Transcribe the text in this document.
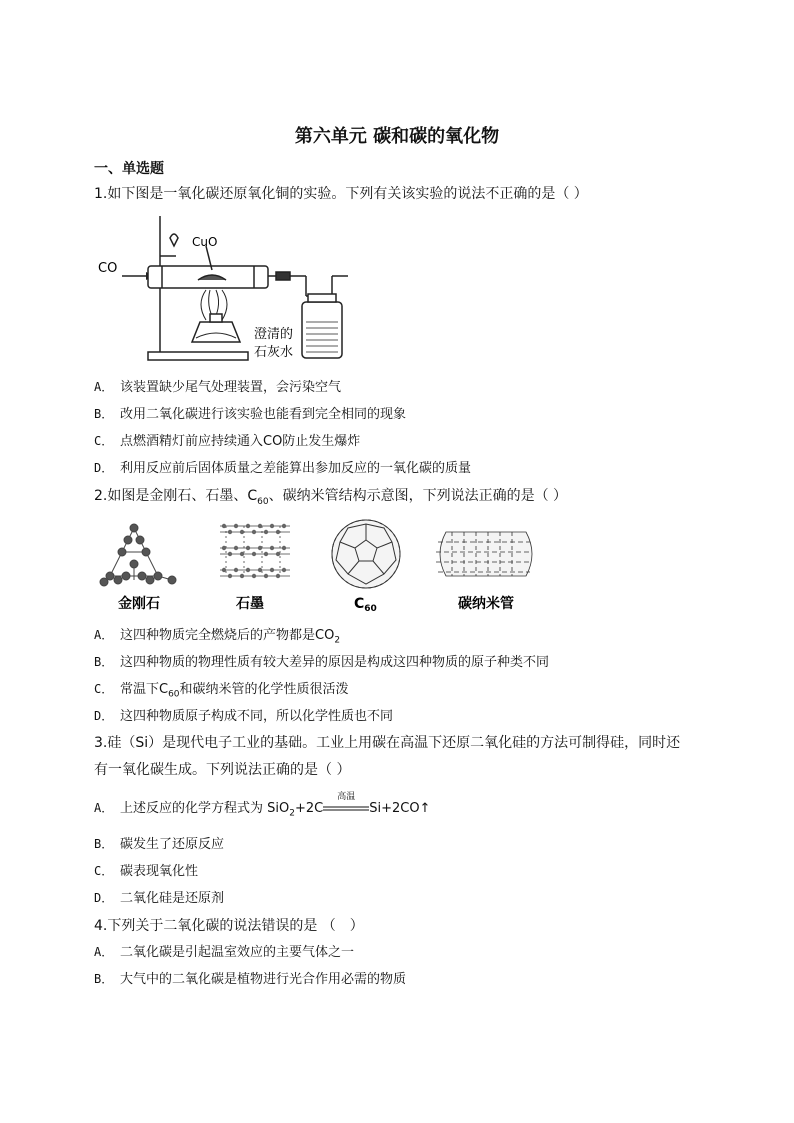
第六单元 碳和碳的氧化物
一、单选题
1.如下图是一氧化碳还原氧化铜的实验。下列有关该实验的说法不正确的是（ ）
CO
CuO
澄清的
石灰水
A． 该装置缺少尾气处理装置，会污染空气
B． 改用二氧化碳进行该实验也能看到完全相同的现象
C． 点燃酒精灯前应持续通入CO防止发生爆炸
D． 利用反应前后固体质量之差能算出参加反应的一氧化碳的质量
2.如图是金刚石、石墨、$C_{60}$、碳纳米管结构示意图，下列说法正确的是（ ）
金刚石	石墨	$C_{60}$	碳纳米管
A． 这四种物质完全燃烧后的产物都是$CO_2$
B． 这四种物质的物理性质有较大差异的原因是构成这四种物质的原子种类不同
C． 常温下$C_{60}$和碳纳米管的化学性质很活泼
D． 这四种物质原子构成不同，所以化学性质也不同
3.硅（Si）是现代电子工业的基础。工业上用碳在高温下还原二氧化硅的方法可制得硅，同时还
有一氧化碳生成。下列说法正确的是（ ）
A． 上述反应的化学方程式为 SiO$_2$+2C
高温
Si+2CO↑
B． 碳发生了还原反应
C． 碳表现氧化性
D． 二氧化硅是还原剂
4.下列关于二氧化碳的说法错误的是 （　）
A． 二氧化碳是引起温室效应的主要气体之一
B． 大气中的二氧化碳是植物进行光合作用必需的物质
